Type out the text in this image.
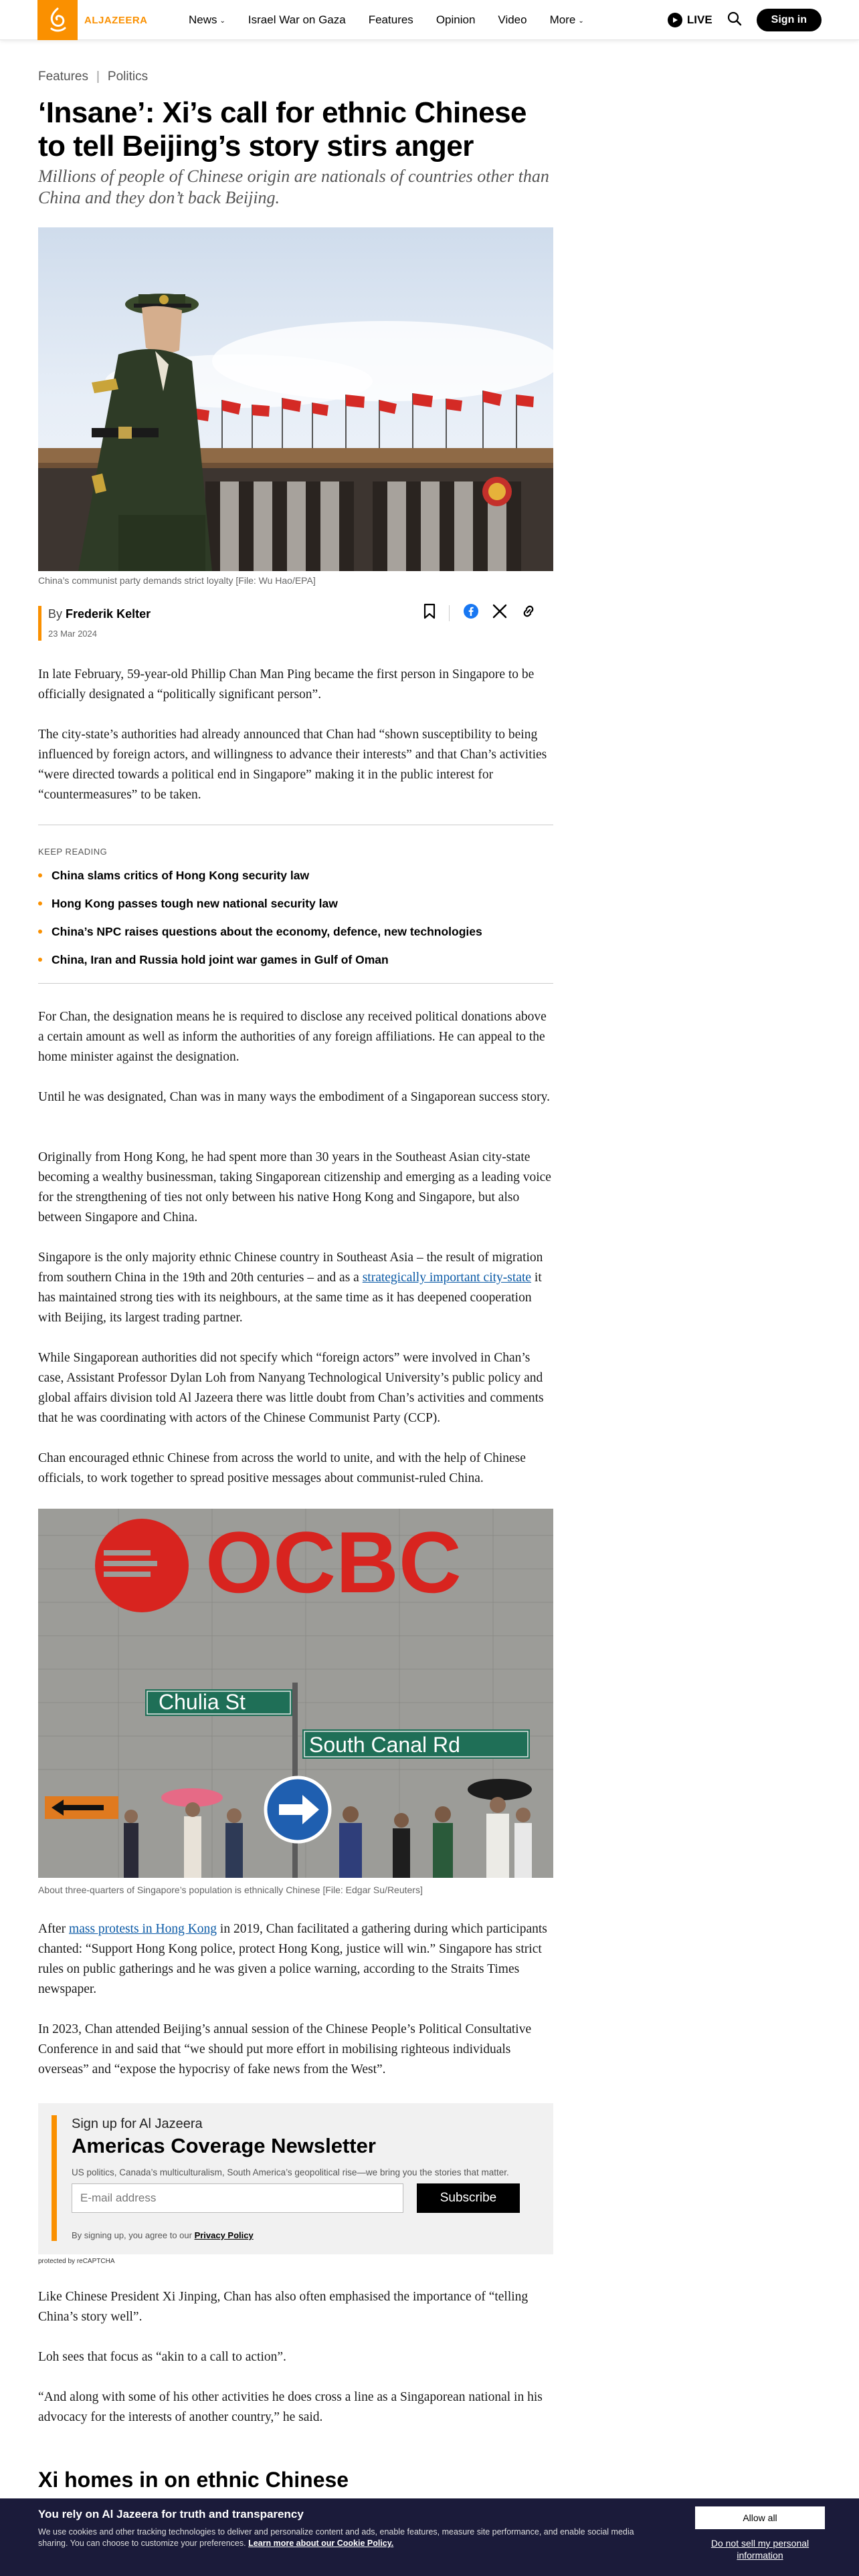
ALJAZEERA	News ⌄ Israel War on Gaza Features Opinion Video More ⌄	LIVE	Sign in
Features | Politics
‘Insane’: Xi’s call for ethnic Chinese to tell Beijing’s story stirs anger

Millions of people of Chinese origin are nationals of countries other than China and they don’t back Beijing.

China’s communist party demands strict loyalty [File: Wu Hao/EPA]

By Frederik Kelter
23 Mar 2024

In late February, 59-year-old Phillip Chan Man Ping became the first person in Singapore to be officially designated a “politically significant person”.

The city-state’s authorities had already announced that Chan had “shown susceptibility to being influenced by foreign actors, and willingness to advance their interests” and that Chan’s activities “were directed towards a political end in Singapore” making it in the public interest for “countermeasures” to be taken.

KEEP READING
China slams critics of Hong Kong security law
Hong Kong passes tough new national security law
China’s NPC raises questions about the economy, defence, new technologies
China, Iran and Russia hold joint war games in Gulf of Oman

For Chan, the designation means he is required to disclose any received political donations above a certain amount as well as inform the authorities of any foreign affiliations. He can appeal to the home minister against the designation.

Until he was designated, Chan was in many ways the embodiment of a Singaporean success story.

Originally from Hong Kong, he had spent more than 30 years in the Southeast Asian city-state becoming a wealthy businessman, taking Singaporean citizenship and emerging as a leading voice for the strengthening of ties not only between his native Hong Kong and Singapore, but also between Singapore and China.

Singapore is the only majority ethnic Chinese country in Southeast Asia – the result of migration from southern China in the 19th and 20th centuries – and as a strategically important city-state it has maintained strong ties with its neighbours, at the same time as it has deepened cooperation with Beijing, its largest trading partner.

While Singaporean authorities did not specify which “foreign actors” were involved in Chan’s case, Assistant Professor Dylan Loh from Nanyang Technological University’s public policy and global affairs division told Al Jazeera there was little doubt from Chan’s activities and comments that he was coordinating with actors of the Chinese Communist Party (CCP).

Chan encouraged ethnic Chinese from across the world to unite, and with the help of Chinese officials, to work together to spread positive messages about communist-ruled China.

OCBC
Chulia St
South Canal Rd

About three-quarters of Singapore’s population is ethnically Chinese [File: Edgar Su/Reuters]

After mass protests in Hong Kong in 2019, Chan facilitated a gathering during which participants chanted: “Support Hong Kong police, protect Hong Kong, justice will win.” Singapore has strict rules on public gatherings and he was given a police warning, according to the Straits Times newspaper.

In 2023, Chan attended Beijing’s annual session of the Chinese People’s Political Consultative Conference in and said that “we should put more effort in mobilising righteous individuals overseas” and “expose the hypocrisy of fake news from the West”.

Sign up for Al Jazeera
Americas Coverage Newsletter
US politics, Canada’s multiculturalism, South America’s geopolitical rise—we bring you the stories that matter.
E-mail address
Subscribe
By signing up, you agree to our Privacy Policy
protected by reCAPTCHA

Like Chinese President Xi Jinping, Chan has also often emphasised the importance of “telling China’s story well”.

Loh sees that focus as “akin to a call to action”.

“And along with some of his other activities he does cross a line as a Singaporean national in his advocacy for the interests of another country,” he said.

Xi homes in on ethnic Chinese
You rely on Al Jazeera for truth and transparency
We use cookies and other tracking technologies to deliver and personalize content and ads, enable features, measure site performance, and enable social media sharing. You can choose to customize your preferences. Learn more about our Cookie Policy.
Allow all
Do not sell my personal information
